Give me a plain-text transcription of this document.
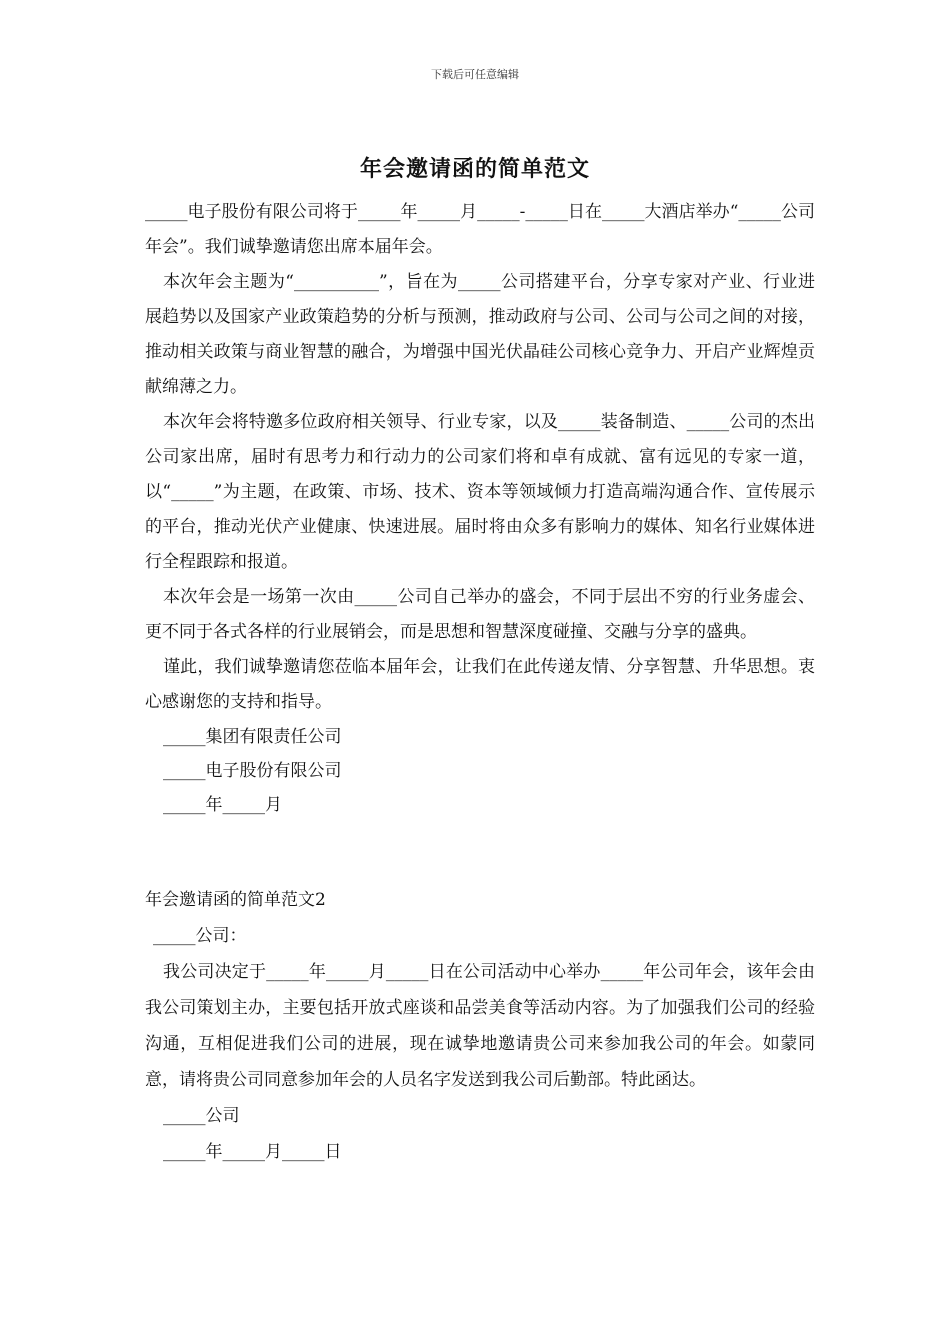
下载后可任意编辑
年会邀请函的简单范文

_____电子股份有限公司将于_____年_____月_____-_____日在_____大酒店举办“_____公司年会”。我们诚挚邀请您出席本届年会。

本次年会主题为“__________”，旨在为_____公司搭建平台，分享专家对产业、行业进展趋势以及国家产业政策趋势的分析与预测，推动政府与公司、公司与公司之间的对接，推动相关政策与商业智慧的融合，为增强中国光伏晶硅公司核心竞争力、开启产业辉煌贡献绵薄之力。

本次年会将特邀多位政府相关领导、行业专家，以及_____装备制造、_____公司的杰出公司家出席，届时有思考力和行动力的公司家们将和卓有成就、富有远见的专家一道，以“_____”为主题，在政策、市场、技术、资本等领域倾力打造高端沟通合作、宣传展示的平台，推动光伏产业健康、快速进展。届时将由众多有影响力的媒体、知名行业媒体进行全程跟踪和报道。

本次年会是一场第一次由_____公司自己举办的盛会，不同于层出不穷的行业务虚会、更不同于各式各样的行业展销会，而是思想和智慧深度碰撞、交融与分享的盛典。

谨此，我们诚挚邀请您莅临本届年会，让我们在此传递友情、分享智慧、升华思想。衷心感谢您的支持和指导。

_____集团有限责任公司

_____电子股份有限公司

_____年_____月

年会邀请函的简单范文2

_____公司：

我公司决定于_____年_____月_____日在公司活动中心举办_____年公司年会，该年会由我公司策划主办，主要包括开放式座谈和品尝美食等活动内容。为了加强我们公司的经验沟通，互相促进我们公司的进展，现在诚挚地邀请贵公司来参加我公司的年会。如蒙同意，请将贵公司同意参加年会的人员名字发送到我公司后勤部。特此函达。

_____公司

_____年_____月_____日
